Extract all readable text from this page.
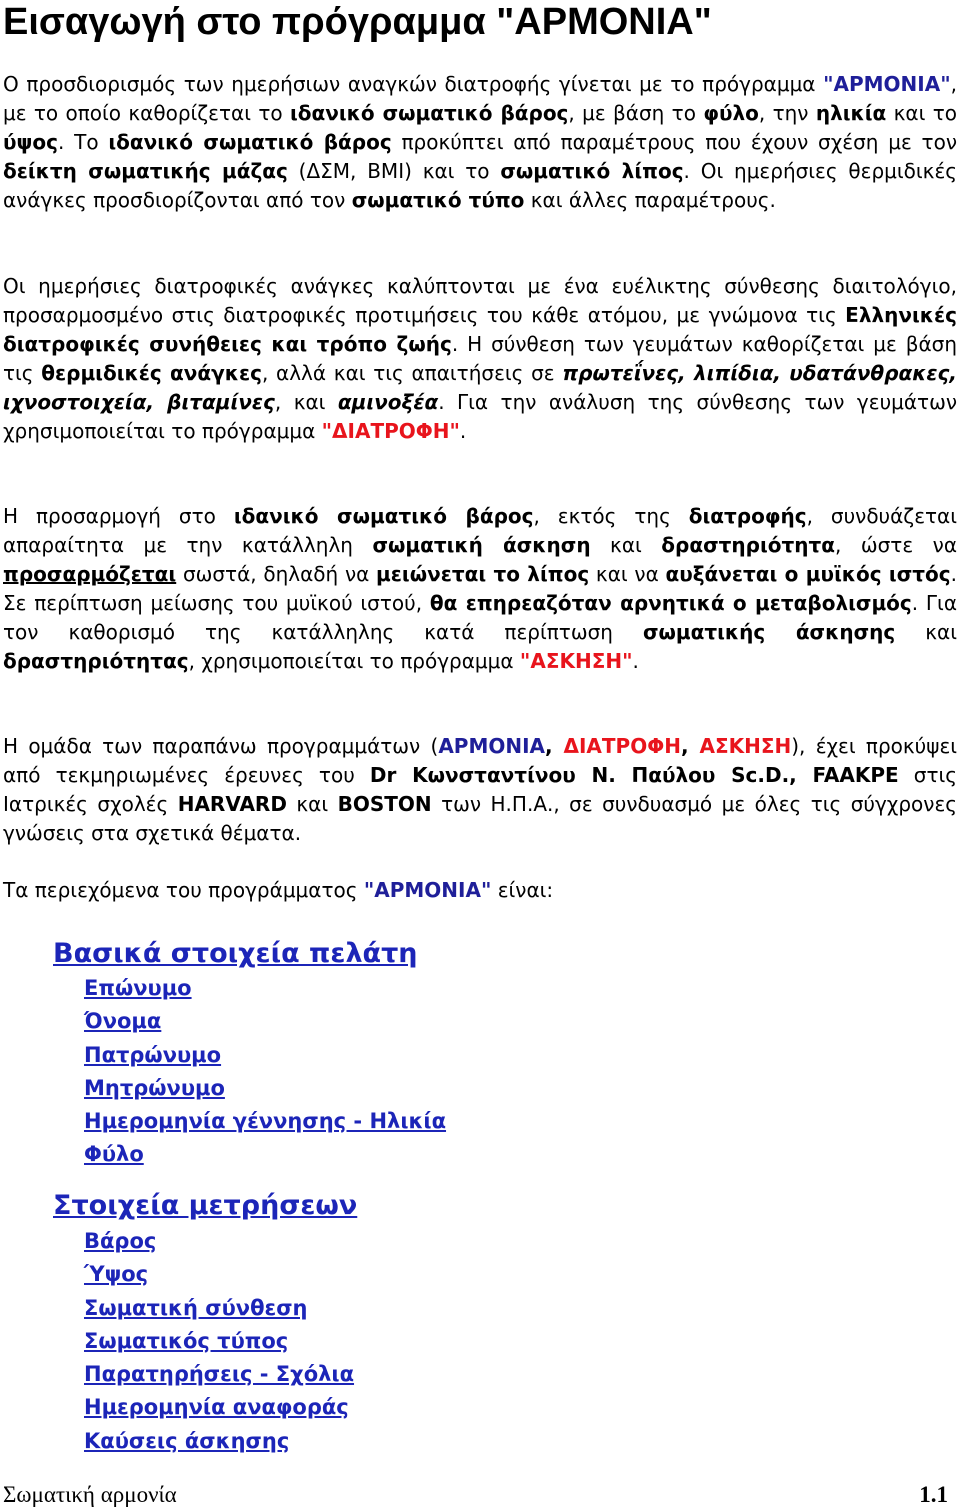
Εισαγωγή στο πρόγραμμα "ΑΡΜΟΝΙΑ"

Ο προσδιορισμός των ημερήσιων αναγκών διατροφής γίνεται με το πρόγραμμα "ΑΡΜΟΝΙΑ", με το οποίο καθορίζεται το ιδανικό σωματικό βάρος, με βάση το φύλο, την ηλικία και το ύψος. Το ιδανικό σωματικό βάρος προκύπτει από παραμέτρους που έχουν σχέση με τον δείκτη σωματικής μάζας (ΔΣΜ, BMI) και το σωματικό λίπος. Οι ημερήσιες θερμιδικές ανάγκες προσδιορίζονται από τον σωματικό τύπο και άλλες παραμέτρους.

Οι ημερήσιες διατροφικές ανάγκες καλύπτονται με ένα ευέλικτης σύνθεσης διαιτολόγιο, προσαρμοσμένο στις διατροφικές προτιμήσεις του κάθε ατόμου, με γνώμονα τις Ελληνικές διατροφικές συνήθειες και τρόπο ζωής. Η σύνθεση των γευμάτων καθορίζεται με βάση τις θερμιδικές ανάγκες, αλλά και τις απαιτήσεις σε πρωτεΐνες, λιπίδια, υδατάνθρακες, ιχνοστοιχεία, βιταμίνες, και αμινοξέα. Για την ανάλυση της σύνθεσης των γευμάτων χρησιμοποιείται το πρόγραμμα "ΔΙΑΤΡΟΦΗ".

Η προσαρμογή στο ιδανικό σωματικό βάρος, εκτός της διατροφής, συνδυάζεται απαραίτητα με την κατάλληλη σωματική άσκηση και δραστηριότητα, ώστε να προσαρμόζεται σωστά, δηλαδή να μειώνεται το λίπος και να αυξάνεται ο μυϊκός ιστός. Σε περίπτωση μείωσης του μυϊκού ιστού, θα επηρεαζόταν αρνητικά ο μεταβολισμός. Για τον καθορισμό της κατάλληλης κατά περίπτωση σωματικής άσκησης και δραστηριότητας, χρησιμοποιείται το πρόγραμμα "ΑΣΚΗΣΗ".

Η ομάδα των παραπάνω προγραμμάτων (ΑΡΜΟΝΙΑ, ΔΙΑΤΡΟΦΗ, ΑΣΚΗΣΗ), έχει προκύψει από τεκμηριωμένες έρευνες του Dr Κωνσταντίνου Ν. Παύλου Sc.D., FAAKPE στις Ιατρικές σχολές HARVARD και BOSTON των Η.Π.Α., σε συνδυασμό με όλες τις σύγχρονες γνώσεις στα σχετικά θέματα.

Τα περιεχόμενα του προγράμματος "ΑΡΜΟΝΙΑ" είναι:

Βασικά στοιχεία πελάτη
Επώνυμο
Όνομα
Πατρώνυμο
Μητρώνυμο
Ημερομηνία γέννησης - Ηλικία
Φύλο
Στοιχεία μετρήσεων
Βάρος
Ύψος
Σωματική σύνθεση
Σωματικός τύπος
Παρατηρήσεις - Σχόλια
Ημερομηνία αναφοράς
Καύσεις άσκησης
Σωματική αρμονία	1.1
